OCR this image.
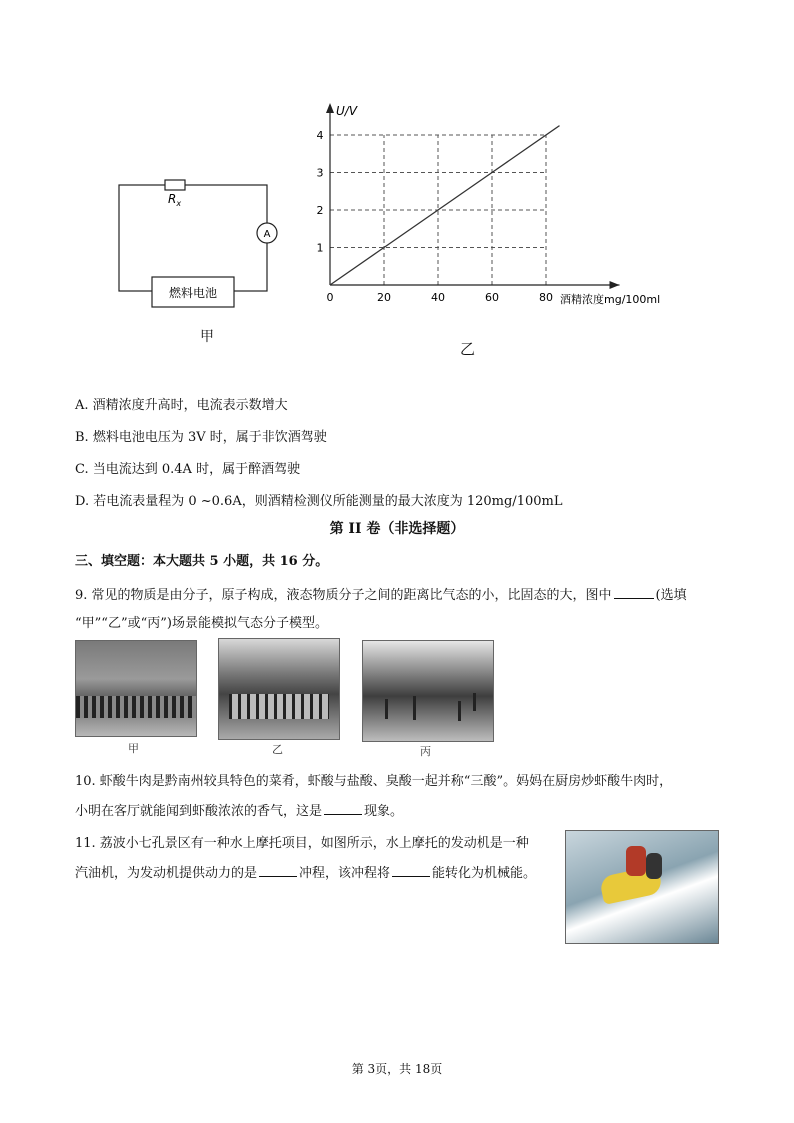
A
$R_x$
燃料电池
甲
0	20	40	60	80
1
2
3
4
U/V
酒精浓度mg/100ml
乙
A. 酒精浓度升高时，电流表示数增大
B. 燃料电池电压为 3V 时，属于非饮酒驾驶
C. 当电流达到 0.4A 时，属于醉酒驾驶
D. 若电流表量程为 0 ~0.6A，则酒精检测仪所能测量的最大浓度为 120mg/100mL
第 II 卷（非选择题）
三、填空题：本大题共 5 小题，共 16 分。
9. 常见的物质是由分子，原子构成，液态物质分子之间的距离比气态的小，比固态的大，图中	(选填
“甲”“乙”或“丙”)场景能模拟气态分子模型。
甲	乙	丙
10. 虾酸牛肉是黔南州较具特色的菜肴，虾酸与盐酸、臭酸一起并称“三酸”。妈妈在厨房炒虾酸牛肉时，
小明在客厅就能闻到虾酸浓浓的香气，这是	现象。
11. 荔波小七孔景区有一种水上摩托项目，如图所示，水上摩托的发动机是一种
汽油机，为发动机提供动力的是	冲程，该冲程将	能转化为机械能。
第 3页，共 18页
